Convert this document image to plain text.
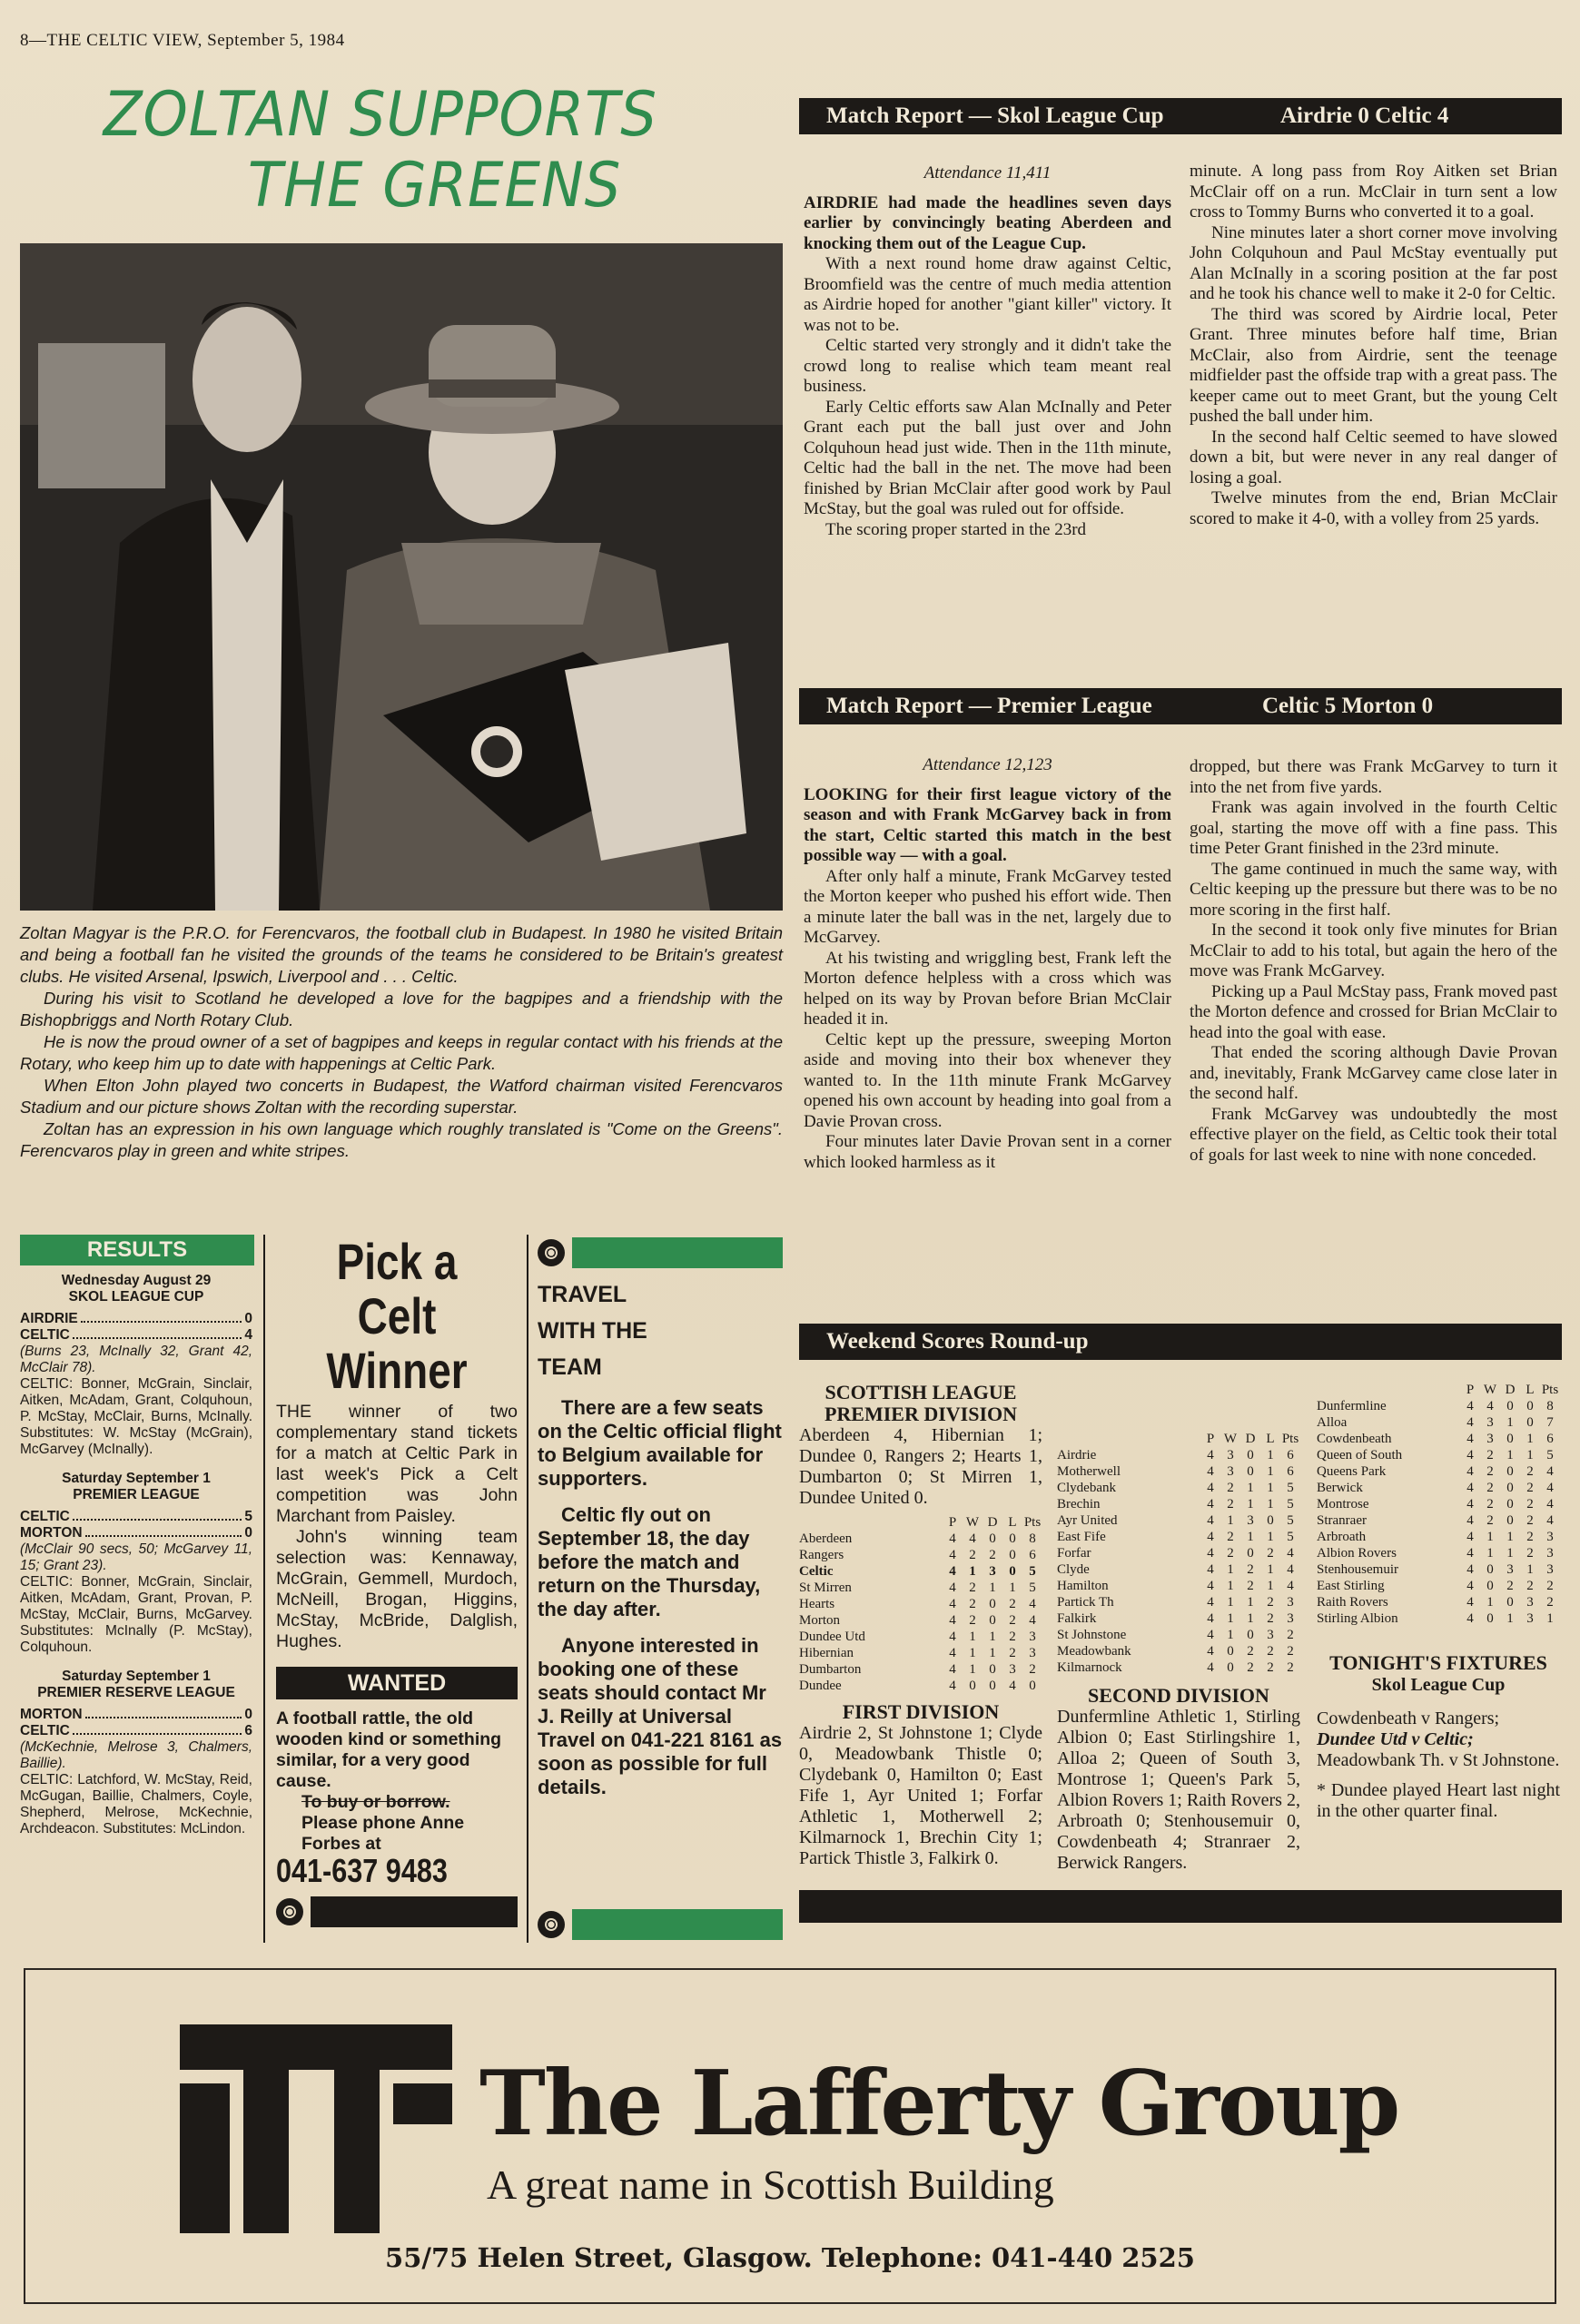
8—THE CELTIC VIEW, September 5, 1984
ZOLTAN SUPPORTS
THE GREENS

Zoltan Magyar is the P.R.O. for Ferencvaros, the football club in Budapest. In 1980 he visited Britain and being a football fan he visited the grounds of the teams he considered to be Britain's greatest clubs. He visited Arsenal, Ipswich, Liverpool and . . . Celtic.

During his visit to Scotland he developed a love for the bagpipes and a friendship with the Bishopbriggs and North Rotary Club.

He is now the proud owner of a set of bagpipes and keeps in regular contact with his friends at the Rotary, who keep him up to date with happenings at Celtic Park.

When Elton John played two concerts in Budapest, the Watford chairman visited Ferencvaros Stadium and our picture shows Zoltan with the recording superstar.

Zoltan has an expression in his own language which roughly translated is "Come on the Greens". Ferencvaros play in green and white stripes.

Match Report — Skol League Cup	Airdrie 0 Celtic 4

Attendance 11,411

AIRDRIE had made the headlines seven days earlier by convincingly beating Aberdeen and knocking them out of the League Cup.

With a next round home draw against Celtic, Broomfield was the centre of much media attention as Airdrie hoped for another "giant killer" victory. It was not to be.

Celtic started very strongly and it didn't take the crowd long to realise which team meant real business.

Early Celtic efforts saw Alan McInally and Peter Grant each put the ball just over and John Colquhoun head just wide. Then in the 11th minute, Celtic had the ball in the net. The move had been finished by Brian McClair after good work by Paul McStay, but the goal was ruled out for offside.

The scoring proper started in the 23rd

minute. A long pass from Roy Aitken set Brian McClair off on a run. McClair in turn sent a low cross to Tommy Burns who converted it to a goal.

Nine minutes later a short corner move involving John Colquhoun and Paul McStay eventually put Alan McInally in a scoring position at the far post and he took his chance well to make it 2-0 for Celtic.

The third was scored by Airdrie local, Peter Grant. Three minutes before half time, Brian McClair, also from Airdrie, sent the teenage midfielder past the offside trap with a great pass. The keeper came out to meet Grant, but the young Celt pushed the ball under him.

In the second half Celtic seemed to have slowed down a bit, but were never in any real danger of losing a goal.

Twelve minutes from the end, Brian McClair scored to make it 4-0, with a volley from 25 yards.

Match Report — Premier League	Celtic 5 Morton 0

Attendance 12,123

LOOKING for their first league victory of the season and with Frank McGarvey back in from the start, Celtic started this match in the best possible way — with a goal.

After only half a minute, Frank McGarvey tested the Morton keeper who pushed his effort wide. Then a minute later the ball was in the net, largely due to McGarvey.

At his twisting and wriggling best, Frank left the Morton defence helpless with a cross which was helped on its way by Provan before Brian McClair headed it in.

Celtic kept up the pressure, sweeping Morton aside and moving into their box whenever they wanted to. In the 11th minute Frank McGarvey opened his own account by heading into goal from a Davie Provan cross.

Four minutes later Davie Provan sent in a corner which looked harmless as it

dropped, but there was Frank McGarvey to turn it into the net from five yards.

Frank was again involved in the fourth Celtic goal, starting the move off with a fine pass. This time Peter Grant finished in the 23rd minute.

The game continued in much the same way, with Celtic keeping up the pressure but there was to be no more scoring in the first half.

In the second it took only five minutes for Brian McClair to add to his total, but again the hero of the move was Frank McGarvey.

Picking up a Paul McStay pass, Frank moved past the Morton defence and crossed for Brian McClair to head into the goal with ease.

That ended the scoring although Davie Provan and, inevitably, Frank McGarvey came close later in the second half.

Frank McGarvey was undoubtedly the most effective player on the field, as Celtic took their total of goals for last week to nine with none conceded.

RESULTS
Wednesday August 29
SKOL LEAGUE CUP
AIRDRIE	0
CELTIC	4
(Burns 23, McInally 32, Grant 42, McClair 78).
CELTIC: Bonner, McGrain, Sinclair, Aitken, McAdam, Grant, Colquhoun, P. McStay, McClair, Burns, McInally. Substitutes: W. McStay (McGrain), McGarvey (McInally).
Saturday September 1
PREMIER LEAGUE
CELTIC	5
MORTON	0
(McClair 90 secs, 50; McGarvey 11, 15; Grant 23).
CELTIC: Bonner, McGrain, Sinclair, Aitken, McAdam, Grant, Provan, P. McStay, McClair, Burns, McGarvey. Substitutes: McInally (P. McStay), Colquhoun.
Saturday September 1
PREMIER RESERVE LEAGUE
MORTON	0
CELTIC	6
(McKechnie, Melrose 3, Chalmers, Baillie).
CELTIC: Latchford, W. McStay, Reid, McGugan, Baillie, Chalmers, Coyle, Shepherd, Melrose, McKechnie, Archdeacon. Substitutes: McLindon.
Pick a Celt
Winner

THE winner of two complementary stand tickets for a match at Celtic Park in last week's Pick a Celt competition was John Marchant from Paisley.

John's winning team selection was: Kennaway, McGrain, Gemmell, Murdoch, McNeill, Brogan, Higgins, McStay, McBride, Dalglish, Hughes.

WANTED
A football rattle, the old wooden kind or something similar, for a very good cause.
To buy or borrow.
Please phone Anne Forbes at
041-637 9483
TRAVEL
WITH THE
TEAM

There are a few seats on the Celtic official flight to Belgium available for supporters.

Celtic fly out on September 18, the day before the match and return on the Thursday, the day after.

Anyone interested in booking one of these seats should contact Mr J. Reilly at Universal Travel on 041-221 8161 as soon as possible for full details.

Weekend Scores Round-up
SCOTTISH LEAGUE
PREMIER DIVISION
Aberdeen 4, Hibernian 1; Dundee 0, Rangers 2; Hearts 1, Dumbarton 0; St Mirren 1, Dundee United 0.
P W D L Pts
Aberdeen	4 4 0 0 8
Rangers	4 2 2 0 6
Celtic	4 1 3 0 5
St Mirren	4 2 1 1 5
Hearts	4 2 0 2 4
Morton	4 2 0 2 4
Dundee Utd	4 1 1 2 3
Hibernian	4 1 1 2 3
Dumbarton	4 1 0 3 2
Dundee	4 0 0 4 0
FIRST DIVISION
Airdrie 2, St Johnstone 1; Clyde 0, Meadowbank Thistle 0; Clydebank 0, Hamilton 0; East Fife 1, Ayr United 1; Forfar Athletic 1, Motherwell 2; Kilmarnock 1, Brechin City 1; Partick Thistle 3, Falkirk 0.
P W D L Pts
Airdrie	4 3 0 1 6
Motherwell	4 3 0 1 6
Clydebank	4 2 1 1 5
Brechin	4 2 1 1 5
Ayr United	4 1 3 0 5
East Fife	4 2 1 1 5
Forfar	4 2 0 2 4
Clyde	4 1 2 1 4
Hamilton	4 1 2 1 4
Partick Th	4 1 1 2 3
Falkirk	4 1 1 2 3
St Johnstone	4 1 0 3 2
Meadowbank	4 0 2 2 2
Kilmarnock	4 0 2 2 2
SECOND DIVISION
Dunfermline Athletic 1, Stirling Albion 0; East Stirlingshire 1, Alloa 2; Queen of South 3, Montrose 1; Queen's Park 5, Albion Rovers 1; Raith Rovers 2, Arbroath 0; Stenhousemuir 0, Cowdenbeath 4; Stranraer 2, Berwick Rangers.
P W D L Pts
Dunfermline	4 4 0 0 8
Alloa	4 3 1 0 7
Cowdenbeath	4 3 0 1 6
Queen of South	4 2 1 1 5
Queens Park	4 2 0 2 4
Berwick	4 2 0 2 4
Montrose	4 2 0 2 4
Stranraer	4 2 0 2 4
Arbroath	4 1 1 2 3
Albion Rovers	4 1 1 2 3
Stenhousemuir	4 0 3 1 3
East Stirling	4 0 2 2 2
Raith Rovers	4 1 0 3 2
Stirling Albion	4 0 1 3 1
TONIGHT'S FIXTURES
Skol League Cup
Cowdenbeath v Rangers;
Dundee Utd v Celtic;
Meadowbank Th. v St Johnstone.
* Dundee played Heart last night in the other quarter final.
The Lafferty Group
A great name in Scottish Building
55/75 Helen Street, Glasgow. Telephone: 041-440 2525
